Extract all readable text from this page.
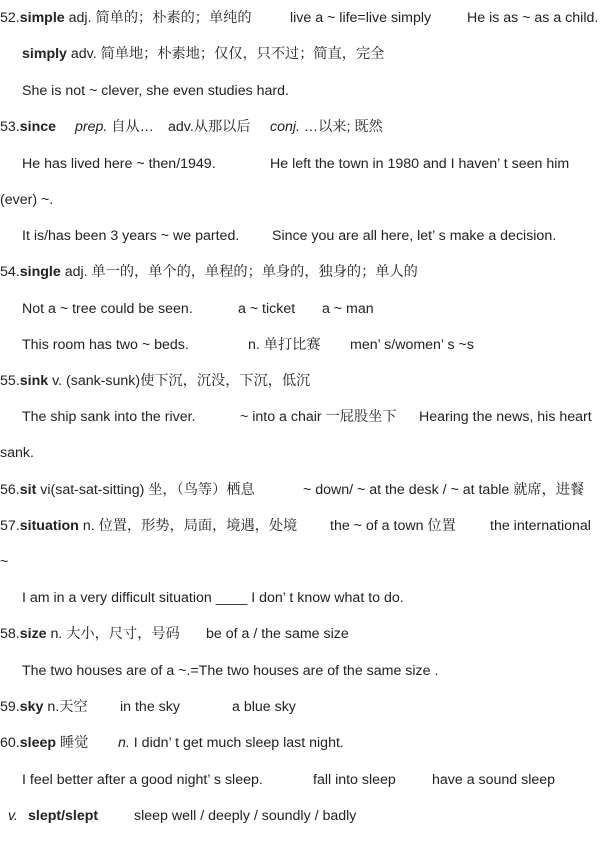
52.
simple adj. 简单的；朴素的；单纯的	live a ~ life=live simply	He is as ~ as a child.
simply adv. 简单地；朴素地；仅仅，只不过；简直，完全
She is not ~ clever, she even studies hard.
53.
since prep. 自从… adv.从那以后 conj. …以来; 既然
He has lived here ~ then/1949.	He left the town in 1980 and I haven’ t seen him
(ever) ~.
It is/has been 3 years ~ we parted. Since you are all here, let’ s make a decision.
54.
single adj. 单一的，单个的，单程的；单身的，独身的；单人的
Not a ~ tree could be seen.	a ~ ticket a ~ man
This room has two ~ beds.	n. 单打比赛 men’ s/women’ s ~s
55.
sink v. (sank-sunk)使下沉，沉没，下沉，低沉
The ship sank into the river.	~ into a chair 一屁股坐下 Hearing the news, his heart
sank.
56.
sit vi(sat-sat-sitting) 坐，（鸟等）栖息	~ down/ ~ at the desk / ~ at table 就席，进餐
57.
situation n. 位置，形势，局面，境遇，处境 the ~ of a town 位置 the international
~
I am in a very difficult situation ____ I don’ t know what to do.
58.
size n. 大小，尺寸，号码 be of a / the same size
The two houses are of a ~.=The two houses are of the same size .
59.
sky n.天空 in the sky	a blue sky
60.sleep 睡觉 n. I didn’ t get much sleep last night.
I feel better after a good night’ s sleep.	fall into sleep	have a sound sleep
v. slept/slept	sleep well / deeply / soundly / badly
